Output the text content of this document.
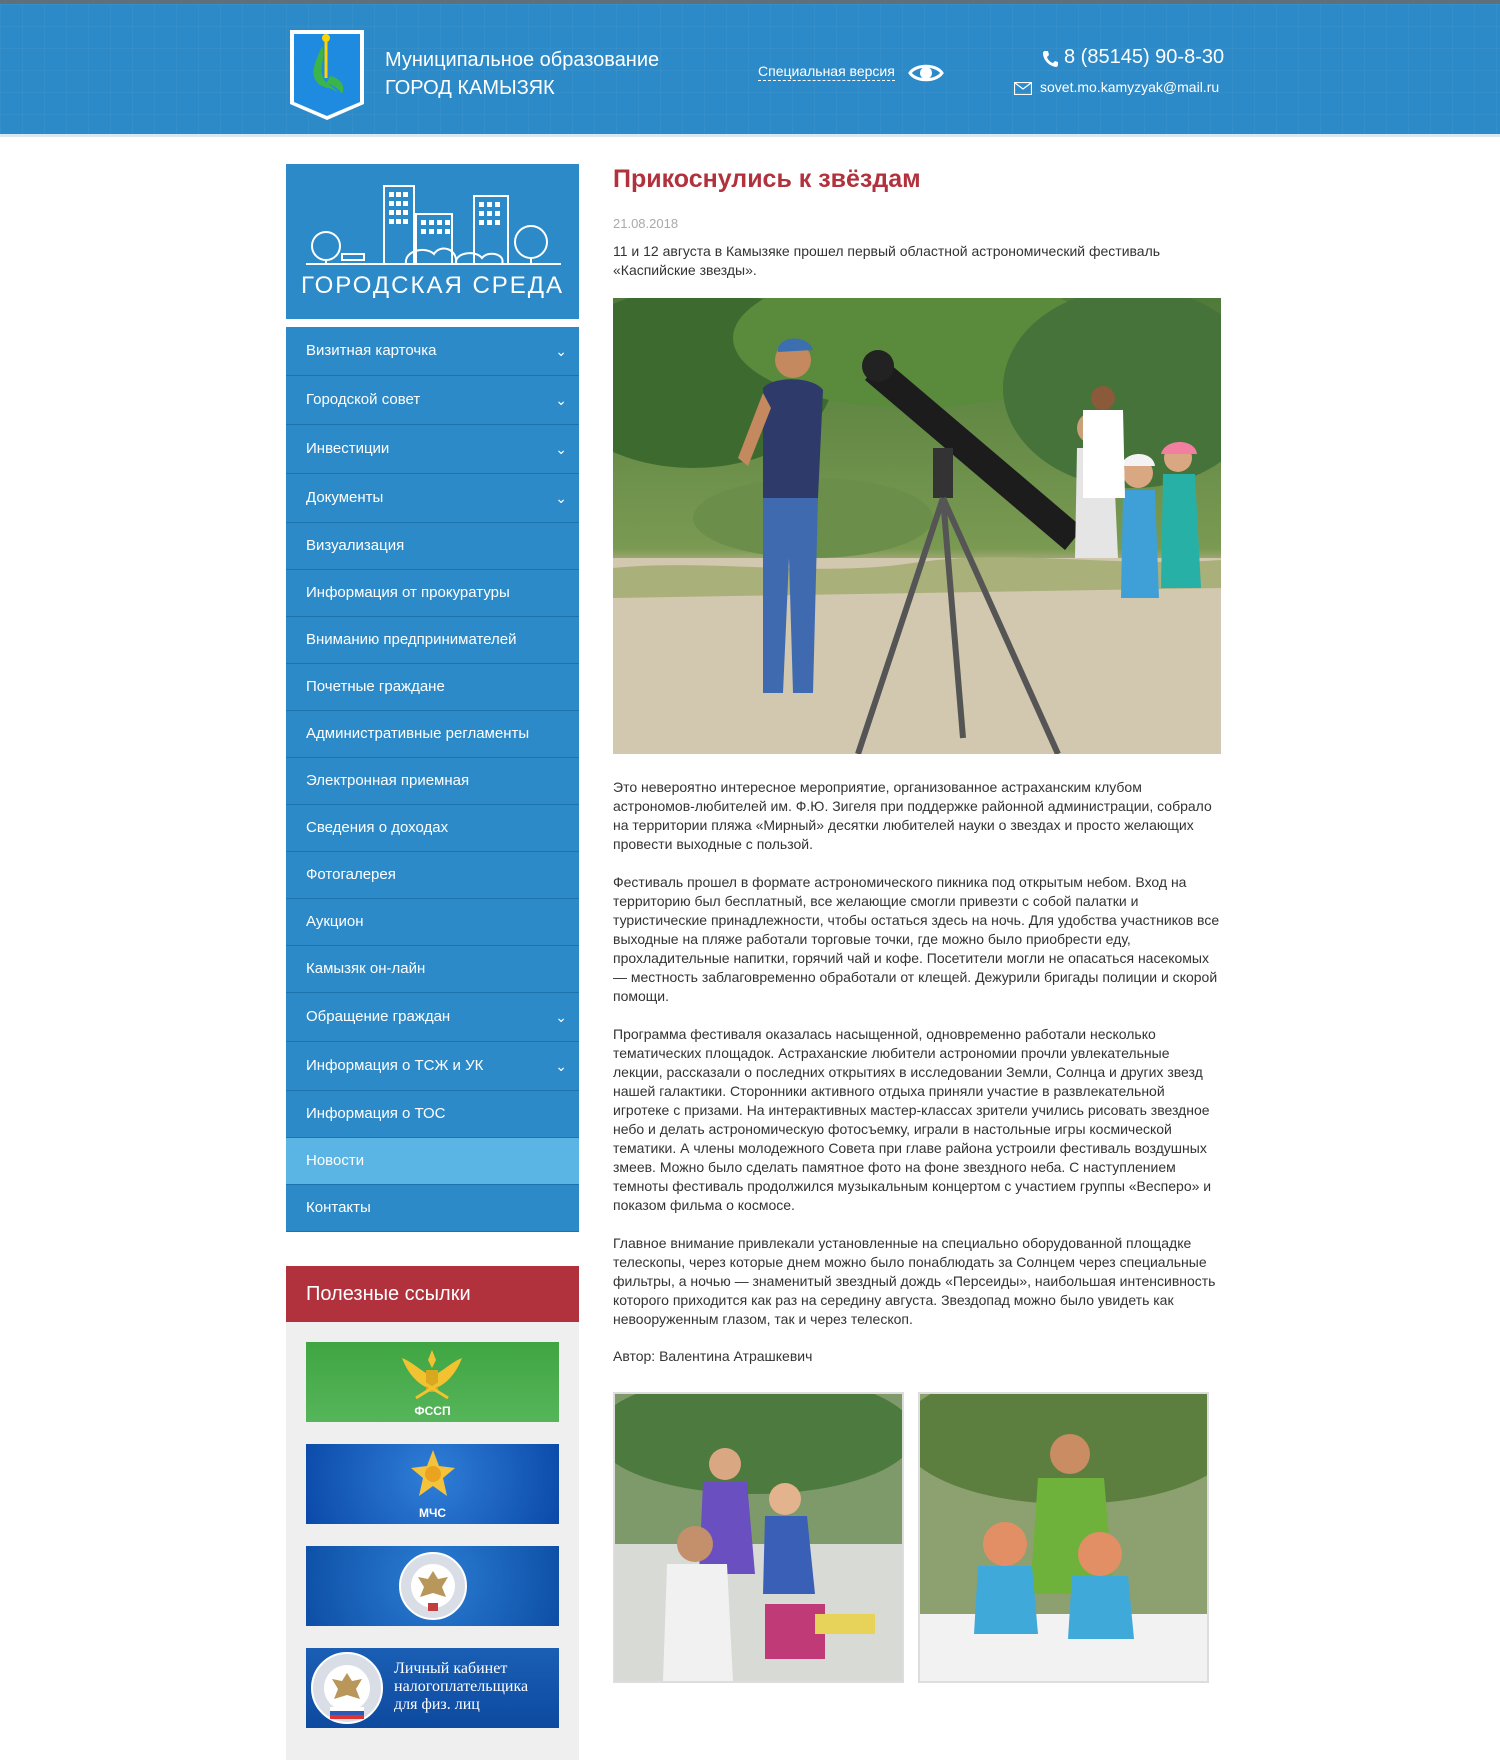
Муниципальное образование
ГОРОД КАМЫЗЯК
Специальная версия
8 (85145) 90-8-30
sovet.mo.kamyzyak@mail.ru
ГОРОДСКАЯ СРЕДА
Визитная карточка	⌄
Городской совет	⌄
Инвестиции	⌄
Документы	⌄
Визуализация
Информация от прокуратуры
Вниманию предпринимателей
Почетные граждане
Административные регламенты
Электронная приемная
Сведения о доходах
Фотогалерея
Аукцион
Камызяк он-лайн
Обращение граждан	⌄
Информация о ТСЖ и УК	⌄
Информация о ТОС
Новости
Контакты
Полезные ссылки
ФССП
МЧС
Личный кабинет
налогоплательщика
для физ. лиц
Прикоснулись к звёздам
21.08.2018
11 и 12 августа в Камызяке прошел первый областной астрономический фестиваль «Каспийские звезды».
Это невероятно интересное мероприятие, организованное астраханским клубом астрономов-любителей им. Ф.Ю. Зигеля при поддержке районной администрации, собрало на территории пляжа «Мирный» десятки любителей науки о звездах и просто желающих провести выходные с пользой.
Фестиваль прошел в формате астрономического пикника под открытым небом. Вход на территорию был бесплатный, все желающие смогли привезти с собой палатки и туристические принадлежности, чтобы остаться здесь на ночь. Для удобства участников все выходные на пляже работали торговые точки, где можно было приобрести еду, прохладительные напитки, горячий чай и кофе. Посетители могли не опасаться насекомых — местность заблаговременно обработали от клещей. Дежурили бригады полиции и скорой помощи.
Программа фестиваля оказалась насыщенной, одновременно работали несколько тематических площадок. Астраханские любители астрономии прочли увлекательные лекции, рассказали о последних открытиях в исследовании Земли, Солнца и других звезд нашей галактики. Сторонники активного отдыха приняли участие в развлекательной игротеке с призами. На интерактивных мастер-классах зрители учились рисовать звездное небо и делать астрономическую фотосъемку, играли в настольные игры космической тематики. А члены молодежного Совета при главе района устроили фестиваль воздушных змеев. Можно было сделать памятное фото на фоне звездного неба. С наступлением темноты фестиваль продолжился музыкальным концертом с участием группы «Весперо» и показом фильма о космосе.
Главное внимание привлекали установленные на специально оборудованной площадке телескопы, через которые днем можно было понаблюдать за Солнцем через специальные фильтры, а ночью — знаменитый звездный дождь «Персеиды», наибольшая интенсивность которого приходится как раз на середину августа. Звездопад можно было увидеть как невооруженным глазом, так и через телескоп.
Автор: Валентина Атрашкевич
